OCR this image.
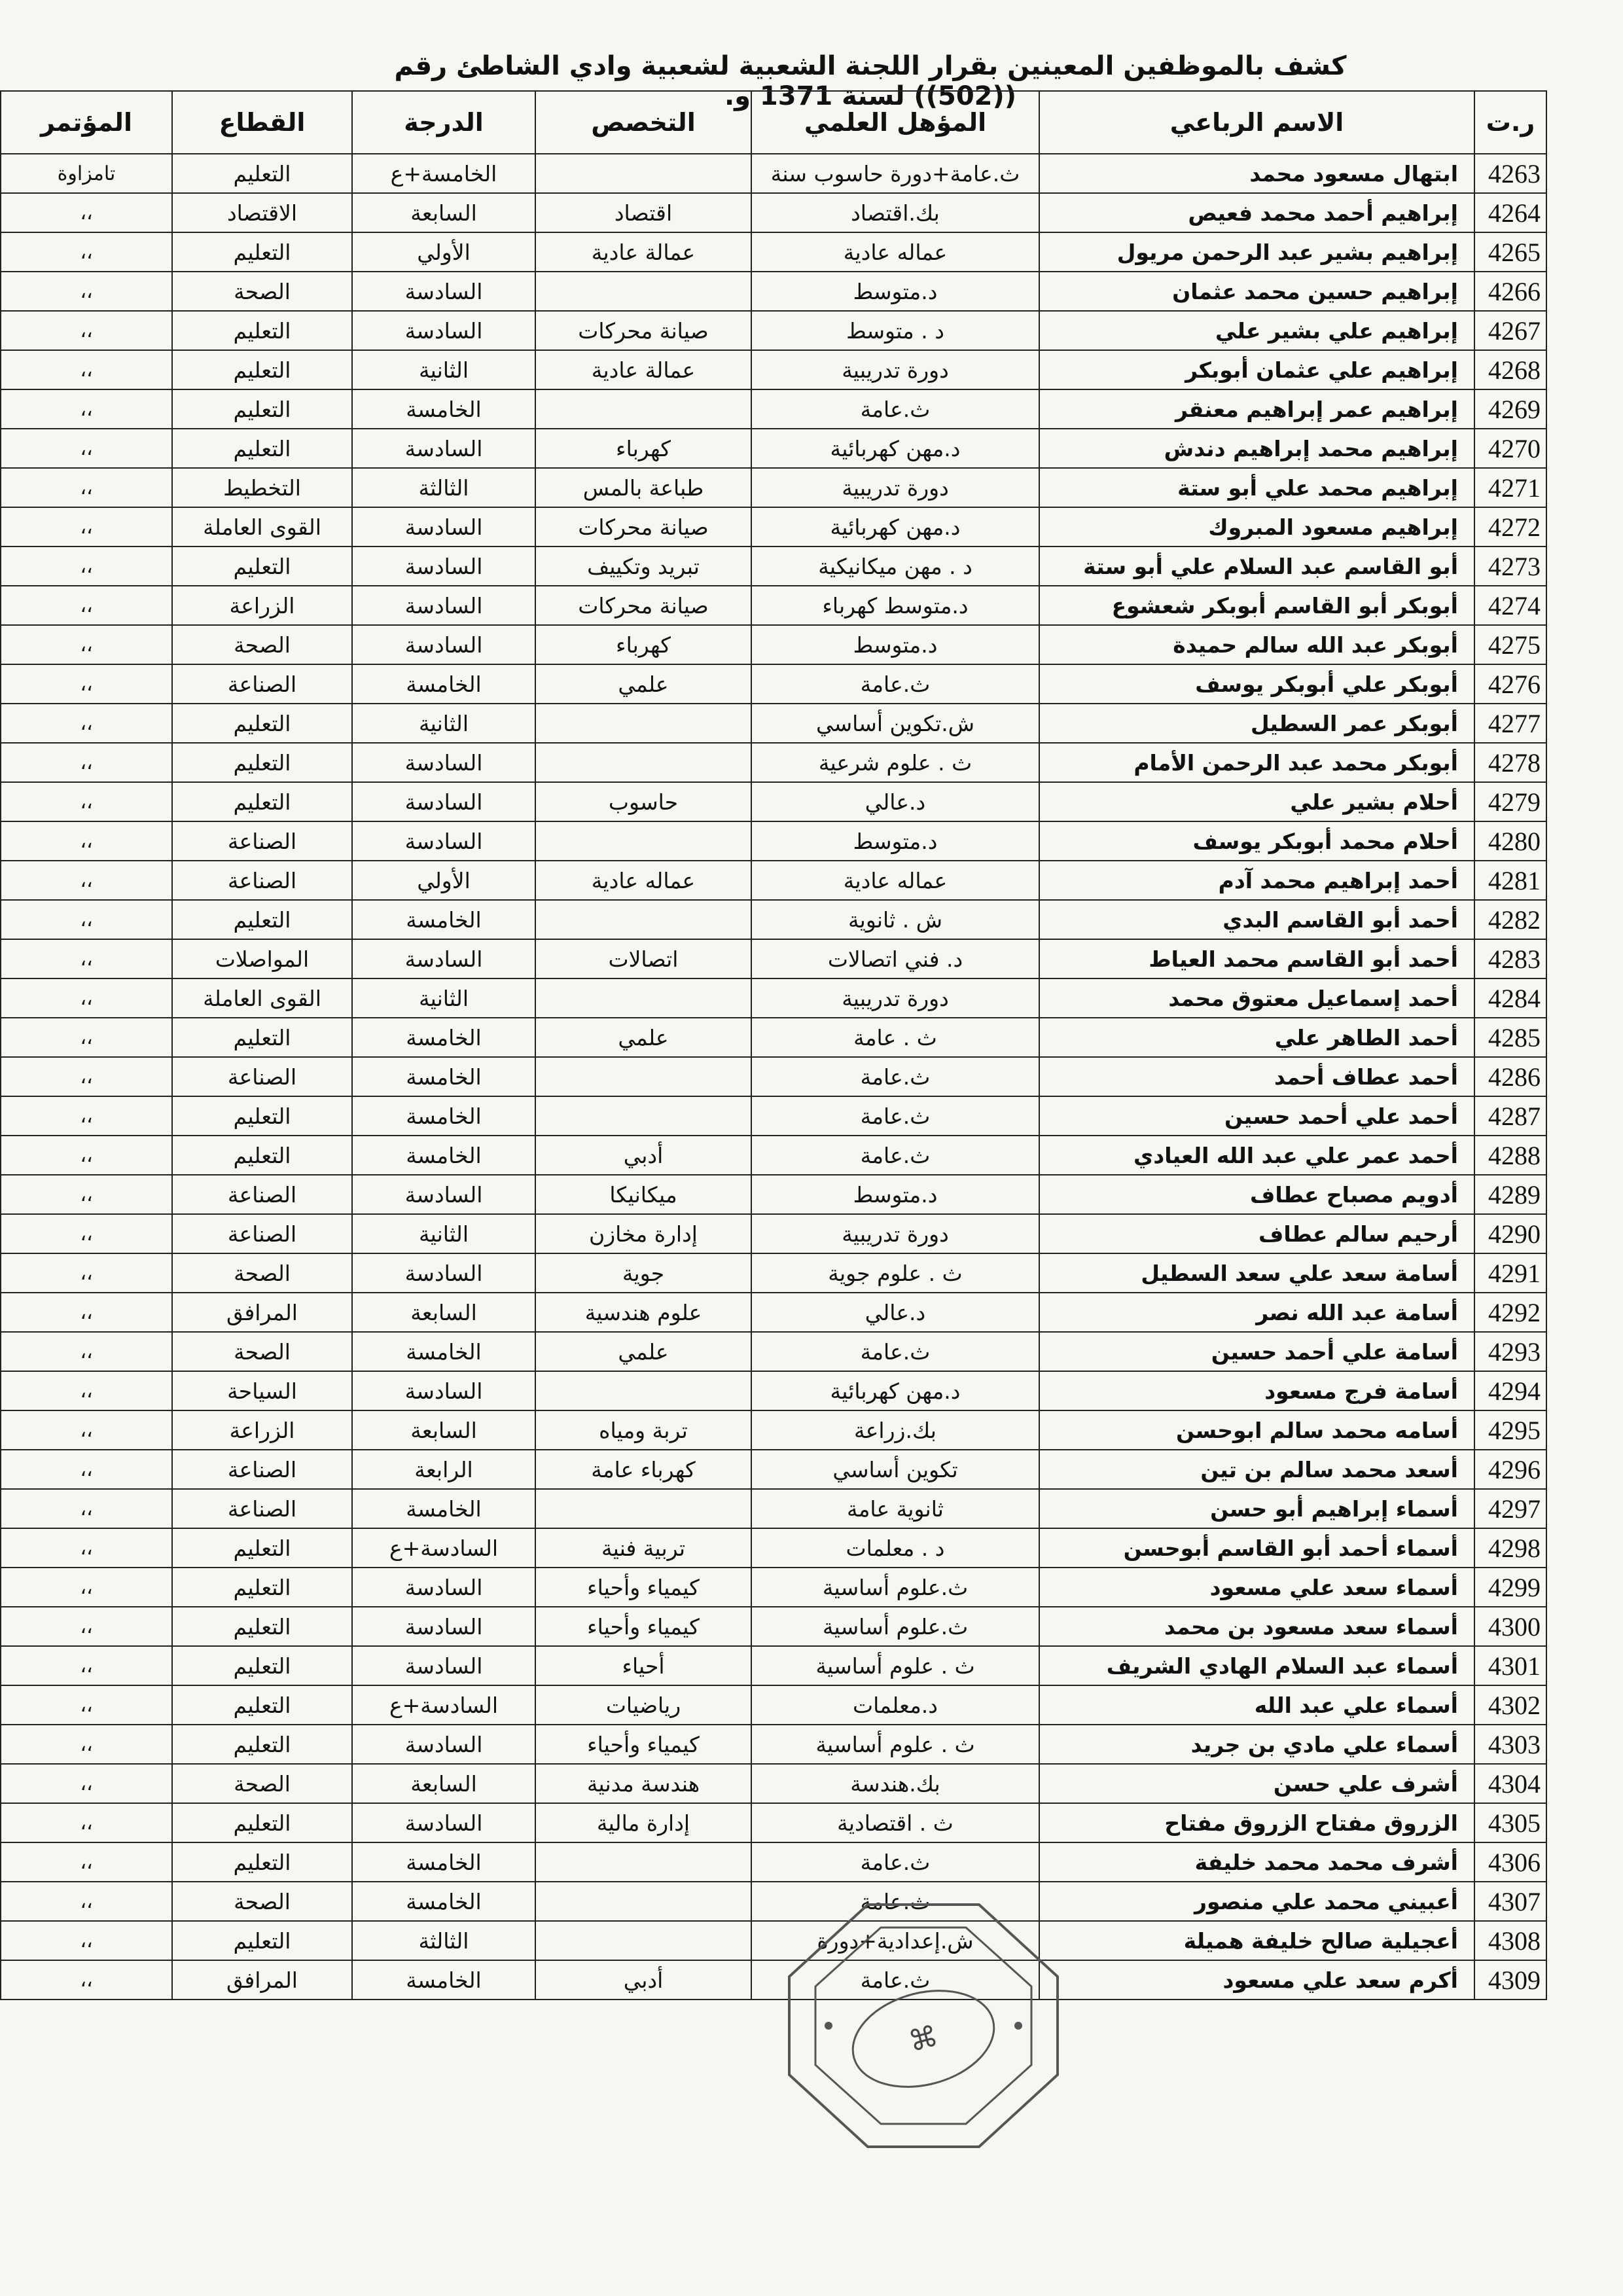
كشف بالموظفين المعينين بقرار اللجنة الشعبية لشعبية وادي الشاطئ رقم ((502)) لسنة 1371 و.
ر.ت	الاسم الرباعي	المؤهل العلمي	التخصص	الدرجة	القطاع	المؤتمر
4263	ابتهال مسعود محمد	ث.عامة+دورة حاسوب سنة		الخامسة+ع	التعليم	تامزاوة
4264	إبراهيم أحمد محمد فعيص	بك.اقتصاد	اقتصاد	السابعة	الاقتصاد	،،
4265	إبراهيم بشير عبد الرحمن مريول	عماله عادية	عمالة عادية	الأولي	التعليم	،،
4266	إبراهيم حسين محمد عثمان	د.متوسط		السادسة	الصحة	،،
4267	إبراهيم علي بشير علي	د . متوسط	صيانة محركات	السادسة	التعليم	،،
4268	إبراهيم علي عثمان أبوبكر	دورة تدريبية	عمالة عادية	الثانية	التعليم	،،
4269	إبراهيم عمر إبراهيم معنقر	ث.عامة		الخامسة	التعليم	،،
4270	إبراهيم محمد إبراهيم دندش	د.مهن كهربائية	كهرباء	السادسة	التعليم	،،
4271	إبراهيم محمد علي أبو ستة	دورة تدريبية	طباعة بالمس	الثالثة	التخطيط	،،
4272	إبراهيم مسعود المبروك	د.مهن كهربائية	صيانة محركات	السادسة	القوى العاملة	،،
4273	أبو القاسم عبد السلام علي أبو ستة	د . مهن ميكانيكية	تبريد وتكييف	السادسة	التعليم	،،
4274	أبوبكر أبو القاسم أبوبكر شعشوع	د.متوسط كهرباء	صيانة محركات	السادسة	الزراعة	،،
4275	أبوبكر عبد الله سالم حميدة	د.متوسط	كهرباء	السادسة	الصحة	،،
4276	أبوبكر علي أبوبكر يوسف	ث.عامة	علمي	الخامسة	الصناعة	،،
4277	أبوبكر عمر السطيل	ش.تكوين أساسي		الثانية	التعليم	،،
4278	أبوبكر محمد عبد الرحمن الأمام	ث . علوم شرعية		السادسة	التعليم	،،
4279	أحلام بشير علي	د.عالي	حاسوب	السادسة	التعليم	،،
4280	أحلام محمد أبوبكر يوسف	د.متوسط		السادسة	الصناعة	،،
4281	أحمد إبراهيم محمد آدم	عماله عادية	عماله عادية	الأولي	الصناعة	،،
4282	أحمد أبو القاسم البدي	ش . ثانوية		الخامسة	التعليم	،،
4283	أحمد أبو القاسم محمد العياط	د. فني اتصالات	اتصالات	السادسة	المواصلات	،،
4284	أحمد إسماعيل معتوق محمد	دورة تدريبية		الثانية	القوى العاملة	،،
4285	أحمد الطاهر علي	ث . عامة	علمي	الخامسة	التعليم	،،
4286	أحمد عطاف أحمد	ث.عامة		الخامسة	الصناعة	،،
4287	أحمد علي أحمد حسين	ث.عامة		الخامسة	التعليم	،،
4288	أحمد عمر علي عبد الله العيادي	ث.عامة	أدبي	الخامسة	التعليم	،،
4289	أدويم مصباح عطاف	د.متوسط	ميكانيكا	السادسة	الصناعة	،،
4290	أرحيم سالم عطاف	دورة تدريبية	إدارة مخازن	الثانية	الصناعة	،،
4291	أسامة سعد علي سعد السطيل	ث . علوم جوية	جوية	السادسة	الصحة	،،
4292	أسامة عبد الله نصر	د.عالي	علوم هندسية	السابعة	المرافق	،،
4293	أسامة علي أحمد حسين	ث.عامة	علمي	الخامسة	الصحة	،،
4294	أسامة فرج مسعود	د.مهن كهربائية		السادسة	السياحة	،،
4295	أسامه محمد سالم ابوحسن	بك.زراعة	تربة ومياه	السابعة	الزراعة	،،
4296	أسعد محمد سالم بن تين	تكوين أساسي	كهرباء عامة	الرابعة	الصناعة	،،
4297	أسماء إبراهيم أبو حسن	ثانوية عامة		الخامسة	الصناعة	،،
4298	أسماء أحمد أبو القاسم أبوحسن	د . معلمات	تربية فنية	السادسة+ع	التعليم	،،
4299	أسماء سعد علي مسعود	ث.علوم أساسية	كيمياء وأحياء	السادسة	التعليم	،،
4300	أسماء سعد مسعود بن محمد	ث.علوم أساسية	كيمياء وأحياء	السادسة	التعليم	،،
4301	أسماء عبد السلام الهادي الشريف	ث . علوم أساسية	أحياء	السادسة	التعليم	،،
4302	أسماء علي عبد الله	د.معلمات	رياضيات	السادسة+ع	التعليم	،،
4303	أسماء علي مادي بن جريد	ث . علوم أساسية	كيمياء وأحياء	السادسة	التعليم	،،
4304	أشرف علي حسن	بك.هندسة	هندسة مدنية	السابعة	الصحة	،،
4305	الزروق مفتاح الزروق مفتاح	ث . اقتصادية	إدارة مالية	السادسة	التعليم	،،
4306	أشرف محمد محمد خليفة	ث.عامة		الخامسة	التعليم	،،
4307	أعبيني محمد علي منصور	ث.عامة		الخامسة	الصحة	،،
4308	أعجيلية صالح خليفة هميلة	ش.إعدادية+دورة		الثالثة	التعليم	،،
4309	أكرم سعد علي مسعود	ث.عامة	أدبي	الخامسة	المرافق	،،
⌘
